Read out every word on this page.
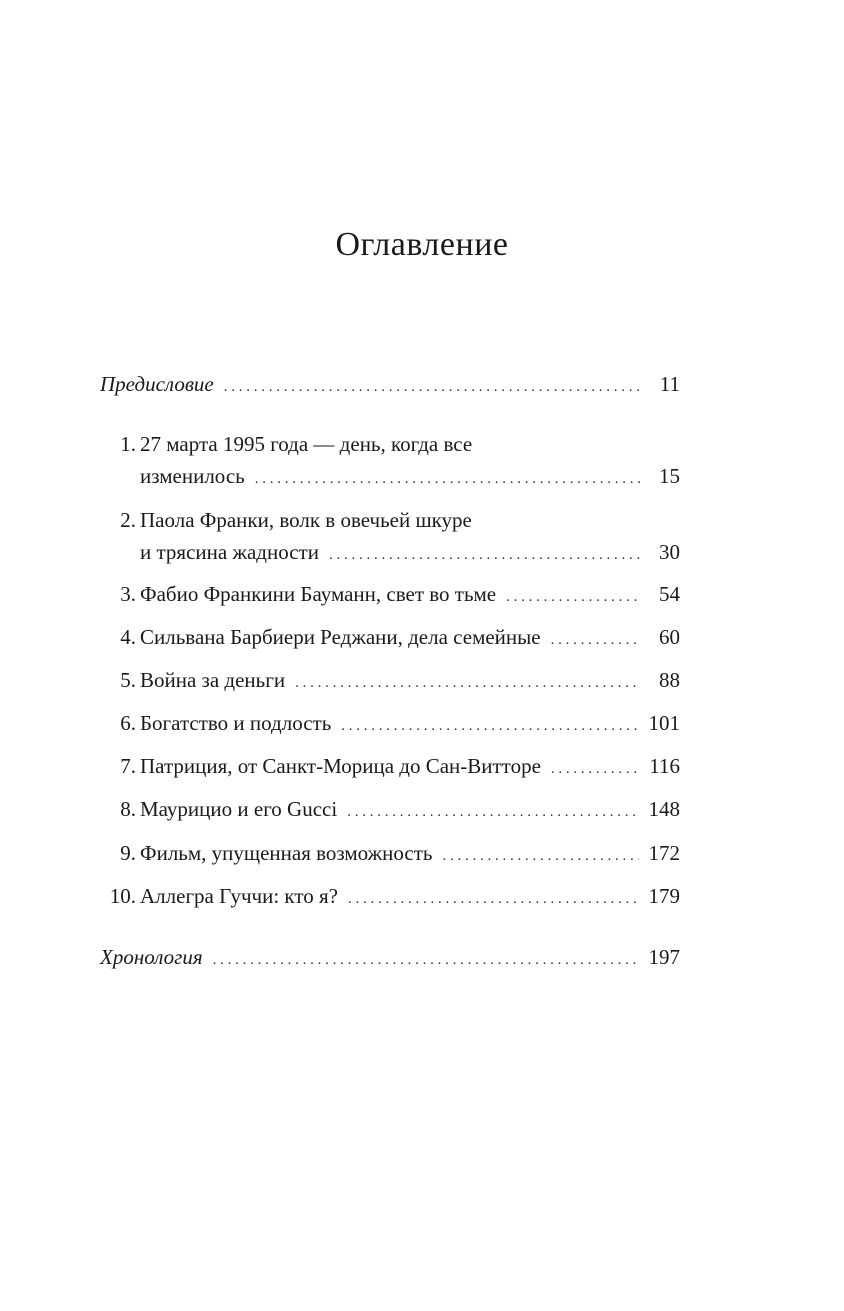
Оглавление
Предисловие . . .	11
1. 27 марта 1995 года — день, когда все
изменилось . . .	15
2. Паола Франки, волк в овечьей шкуре
и трясина жадности . . .	30
3. Фабио Франкини Бауманн, свет во тьме . . .	54
4. Сильвана Барбиери Реджани, дела семейные . . .	60
5. Война за деньги . . .	88
6. Богатство и подлость . . .	101
7. Патриция, от Санкт-Морица до Сан-Витторе . . .	116
8. Маурицио и его Gucci . . .	148
9. Фильм, упущенная возможность . . .	172
10. Аллегра Гуччи: кто я? . . .	179
Хронология . . .	197
